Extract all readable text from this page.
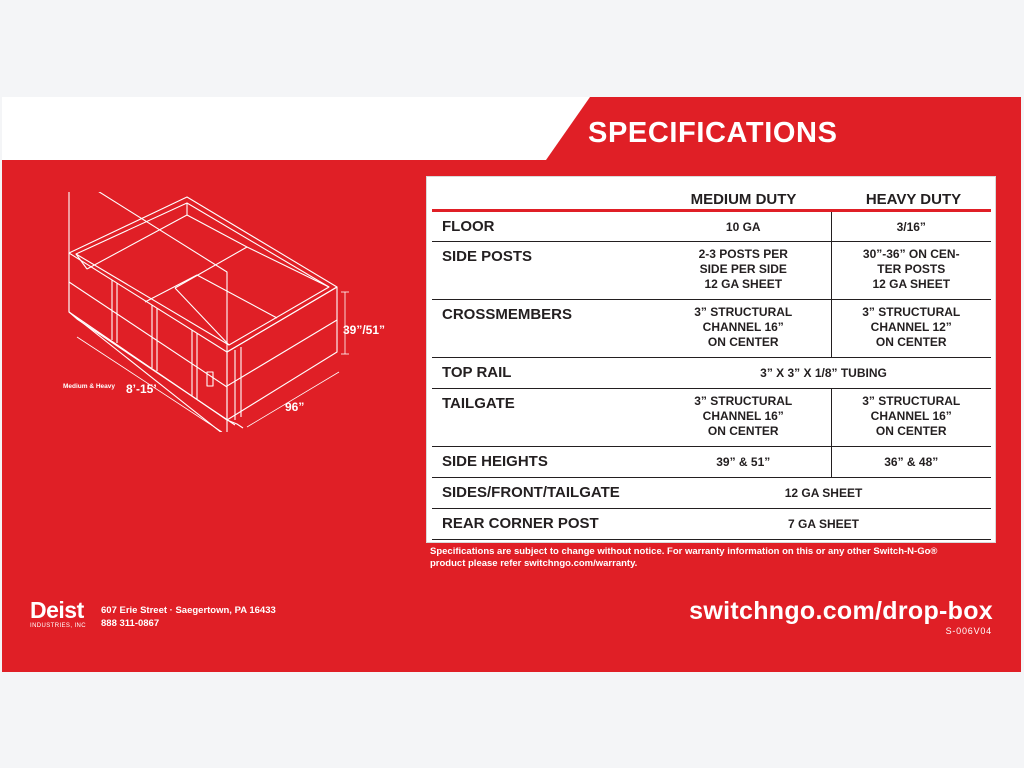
SPECIFICATIONS
39”/51”
96”
8’-15’
Medium & Heavy
	MEDIUM DUTY	HEAVY DUTY
FLOOR	10 GA	3/16”
SIDE POSTS	2-3 POSTS PER
SIDE PER SIDE
12 GA SHEET	30”-36” ON CEN-
TER POSTS
12 GA SHEET
CROSSMEMBERS	3” STRUCTURAL
CHANNEL 16”
ON CENTER	3” STRUCTURAL
CHANNEL 12”
ON CENTER
TOP RAIL	3” X 3” X 1/8” TUBING	
TAILGATE	3” STRUCTURAL
CHANNEL 16”
ON CENTER	3” STRUCTURAL
CHANNEL 16”
ON CENTER
SIDE HEIGHTS	39” & 51”	36” & 48”
SIDES/FRONT/TAILGATE	12 GA SHEET	
REAR CORNER POST	7 GA SHEET	
Specifications are subject to change without notice. For warranty information on this or any other Switch-N-Go® product please refer switchngo.com/warranty.
Deist
INDUSTRIES, INC
607 Erie Street · Saegertown, PA 16433
888 311-0867	switchngo.com/drop-box
S-006V04
